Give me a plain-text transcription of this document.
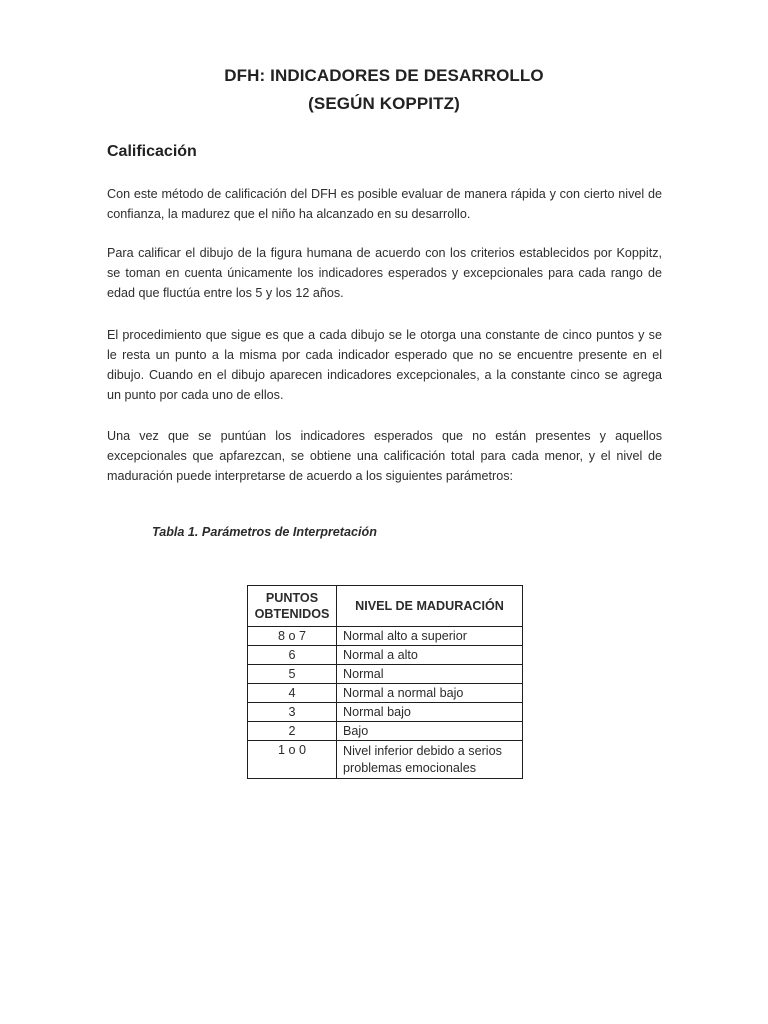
DFH: INDICADORES DE DESARROLLO
(SEGÚN KOPPITZ)
Calificación
Con este método de calificación del DFH es posible evaluar de manera rápida y con cierto nivel de confianza, la madurez que el niño ha alcanzado en su desarrollo.
Para calificar el dibujo de la figura humana de acuerdo con los criterios establecidos por Koppitz, se toman en cuenta únicamente los indicadores esperados y excepcionales para cada rango de edad que fluctúa entre los 5 y los 12 años.
El procedimiento que sigue es que a cada dibujo se le otorga una constante de cinco puntos y se le resta un punto a la misma por cada indicador esperado que no se encuentre presente en el dibujo. Cuando en el dibujo aparecen indicadores excepcionales, a la constante cinco se agrega un punto por cada uno de ellos.
Una vez que se puntúan los indicadores esperados que no están presentes y aquellos excepcionales que apfarezcan, se obtiene una calificación total para cada menor, y el nivel de maduración puede interpretarse de acuerdo a los siguientes parámetros:
Tabla 1. Parámetros de Interpretación
PUNTOS
OBTENIDOS	NIVEL DE MADURACIÓN
8 o 7	Normal alto a superior
6	Normal a alto
5	Normal
4	Normal a normal bajo
3	Normal bajo
2	Bajo
1 o 0	Nivel inferior debido a serios
problemas emocionales
